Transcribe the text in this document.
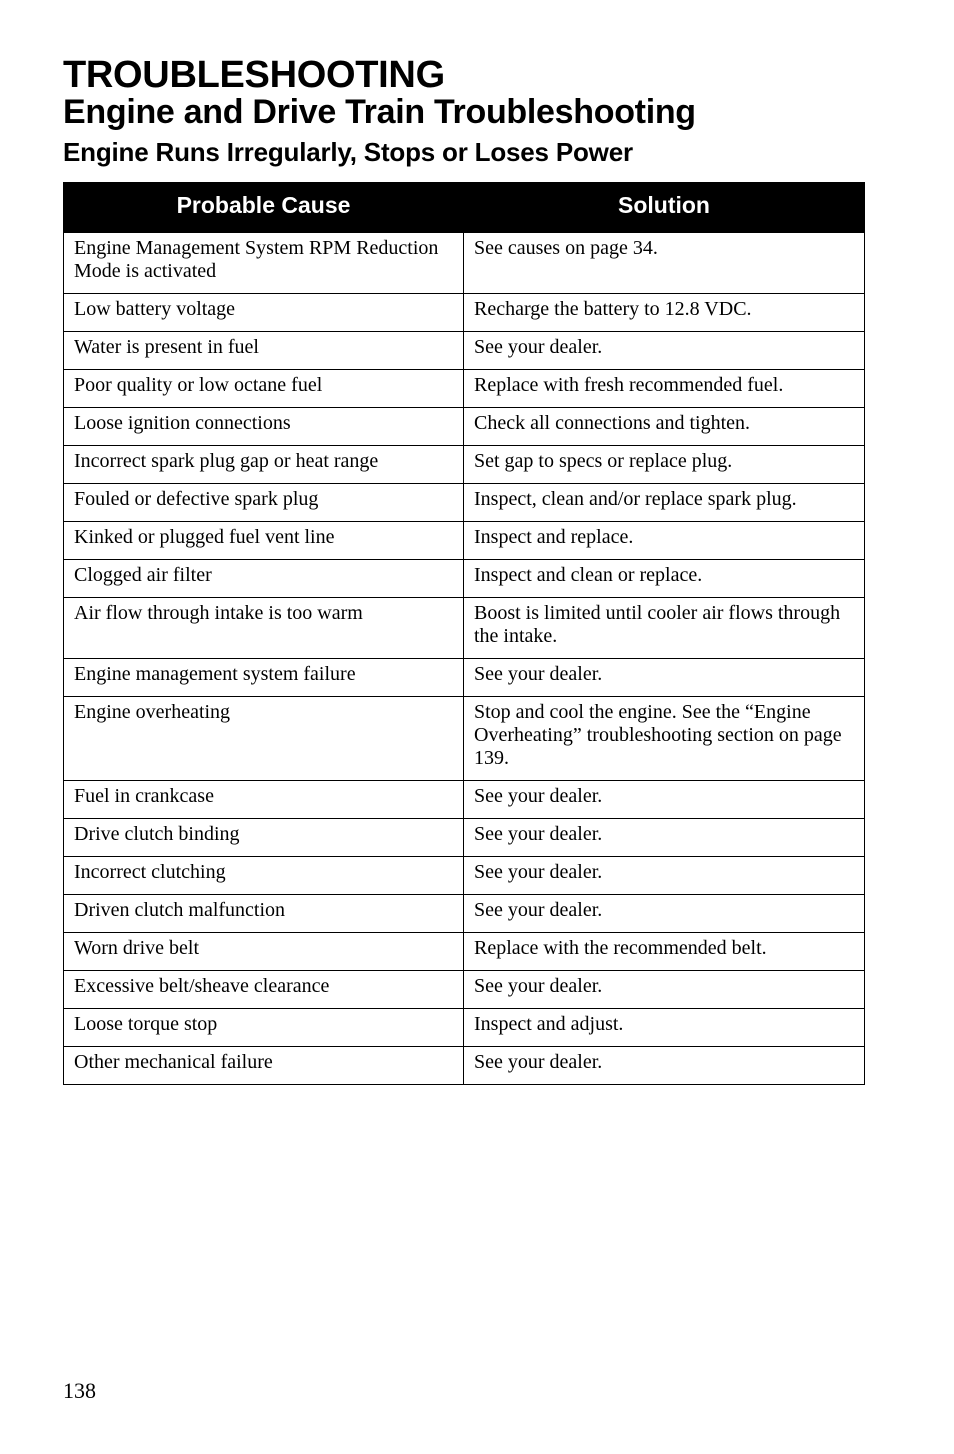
TROUBLESHOOTING
Engine and Drive Train Troubleshooting
Engine Runs Irregularly, Stops or Loses Power
Probable Cause	Solution
Engine Management System RPM Reduction Mode is activated	See causes on page 34.
Low battery voltage	Recharge the battery to 12.8 VDC.
Water is present in fuel	See your dealer.
Poor quality or low octane fuel	Replace with fresh recommended fuel.
Loose ignition connections	Check all connections and tighten.
Incorrect spark plug gap or heat range	Set gap to specs or replace plug.
Fouled or defective spark plug	Inspect, clean and/or replace spark plug.
Kinked or plugged fuel vent line	Inspect and replace.
Clogged air filter	Inspect and clean or replace.
Air flow through intake is too warm	Boost is limited until cooler air flows through the intake.
Engine management system failure	See your dealer.
Engine overheating	Stop and cool the engine. See the “Engine Overheating” troubleshooting section on page 139.
Fuel in crankcase	See your dealer.
Drive clutch binding	See your dealer.
Incorrect clutching	See your dealer.
Driven clutch malfunction	See your dealer.
Worn drive belt	Replace with the recommended belt.
Excessive belt/sheave clearance	See your dealer.
Loose torque stop	Inspect and adjust.
Other mechanical failure	See your dealer.
138
